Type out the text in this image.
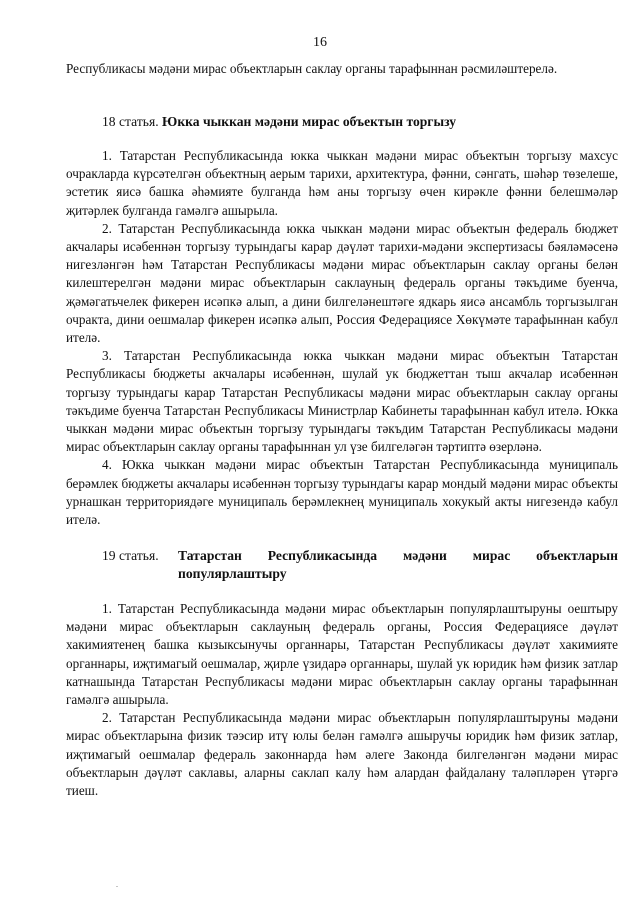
16

Республикасы мәдәни мирас объектларын саклау органы тарафыннан рәсмиләштерелә.

18 статья. Юкка чыккан мәдәни мирас объектын торгызу

1. Татарстан Республикасында юкка чыккан мәдәни мирас объектын торгызу махсус очракларда күрсәтелгән объектның аерым тарихи, архитектура, фәнни, сәнгать, шәһәр төзелеше, эстетик яисә башка әһәмияте булганда һәм аны торгызу өчен кирәкле фәнни белешмәләр җитәрлек булганда гамәлгә ашырыла.

2. Татарстан Республикасында юкка чыккан мәдәни мирас объектын федераль бюджет акчалары исәбеннән торгызу турындагы карар дәүләт тарихи-мәдәни экспертизасы бәяләмәсенә нигезләнгән һәм Татарстан Республикасы мәдәни мирас объектларын саклау органы белән килештерелгән мәдәни мирас объектларын саклауның федераль органы тәкъдиме буенча, җәмәгатьчелек фикерен исәпкә алып, а дини билгеләнештәге ядкарь яисә ансамбль торгызылган очракта, дини оешмалар фикерен исәпкә алып, Россия Федерациясе Хөкүмәте тарафыннан кабул ителә.

3. Татарстан Республикасында юкка чыккан мәдәни мирас объектын Татарстан Республикасы бюджеты акчалары исәбеннән, шулай ук бюджеттан тыш акчалар исәбеннән торгызу турындагы карар Татарстан Республикасы мәдәни мирас объектларын саклау органы тәкъдиме буенча Татарстан Республикасы Министрлар Кабинеты тарафыннан кабул ителә. Юкка чыккан мәдәни мирас объектын торгызу турындагы тәкъдим Татарстан Республикасы мәдәни мирас объектларын саклау органы тарафыннан ул үзе билгеләгән тәртиптә өзерләнә.

4. Юкка чыккан мәдәни мирас объектын Татарстан Республикасында муниципаль берәмлек бюджеты акчалары исәбеннән торгызу турындагы карар мондый мәдәни мирас объекты урнашкан территориядәге муниципаль берәмлекнең муниципаль хокукый акты нигезендә кабул ителә.

19 статья.	Татарстан Республикасында мәдәни мирас объектларын популярлаштыру

1. Татарстан Республикасында мәдәни мирас объектларын популярлаштыруны оештыру мәдәни мирас объектларын саклауның федераль органы, Россия Федерациясе дәүләт хакимиятенең башка кызыксынучы органнары, Татарстан Республикасы дәүләт хакимияте органнары, иҗтимагый оешмалар, җирле үзидарә органнары, шулай ук юридик һәм физик затлар катнашында Татарстан Республикасы мәдәни мирас объектларын саклау органы тарафыннан гамәлгә ашырыла.

2. Татарстан Республикасында мәдәни мирас объектларын популярлаштыруны мәдәни мирас объектларына физик тәэсир итү юлы белән гамәлгә ашыручы юридик һәм физик затлар, иҗтимагый оешмалар федераль законнарда һәм әлеге Законда билгеләнгән мәдәни мирас объектларын дәүләт саклавы, аларны саклап калу һәм алардан файдалану таләпләрен үтәргә тиеш.

.
